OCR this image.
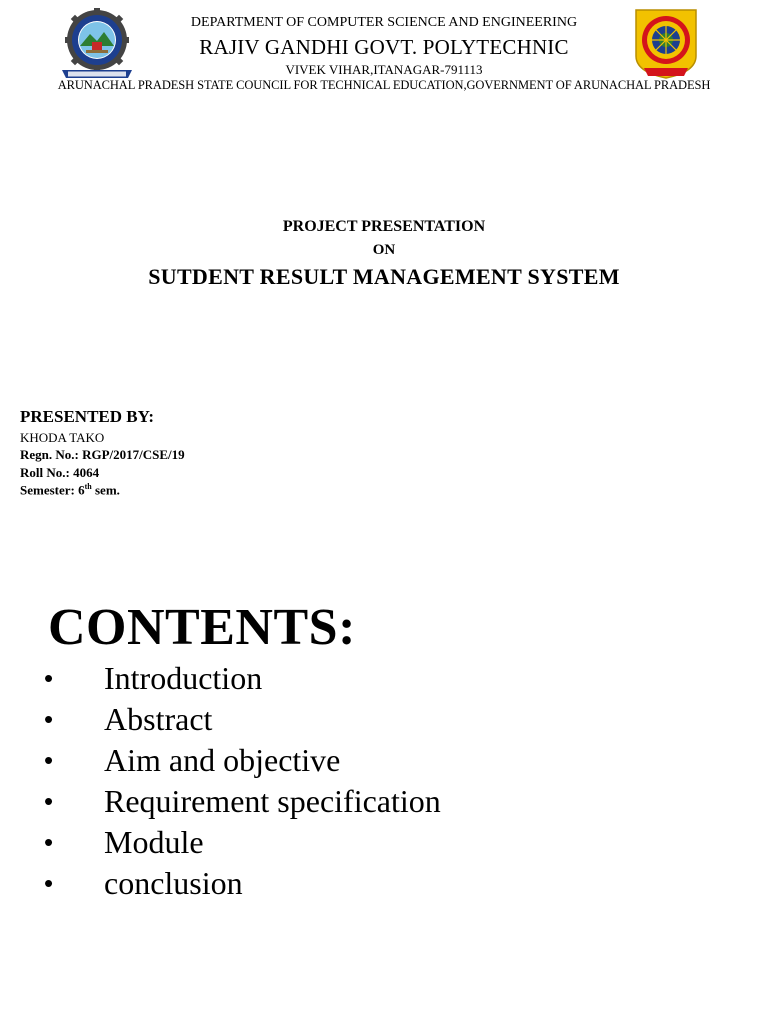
DEPARTMENT OF COMPUTER SCIENCE AND ENGINEERING
RAJIV GANDHI GOVT. POLYTECHNIC
VIVEK VIHAR,ITANAGAR-791113
ARUNACHAL PRADESH STATE COUNCIL FOR TECHNICAL EDUCATION,GOVERNMENT OF ARUNACHAL PRADESH
PROJECT PRESENTATION
ON
SUTDENT RESULT MANAGEMENT SYSTEM
PRESENTED BY:
KHODA TAKO
Regn. No.: RGP/2017/CSE/19
Roll No.: 4064
Semester: 6th sem.
CONTENTS:
• Introduction
• Abstract
• Aim and objective
• Requirement specification
• Module
• conclusion
